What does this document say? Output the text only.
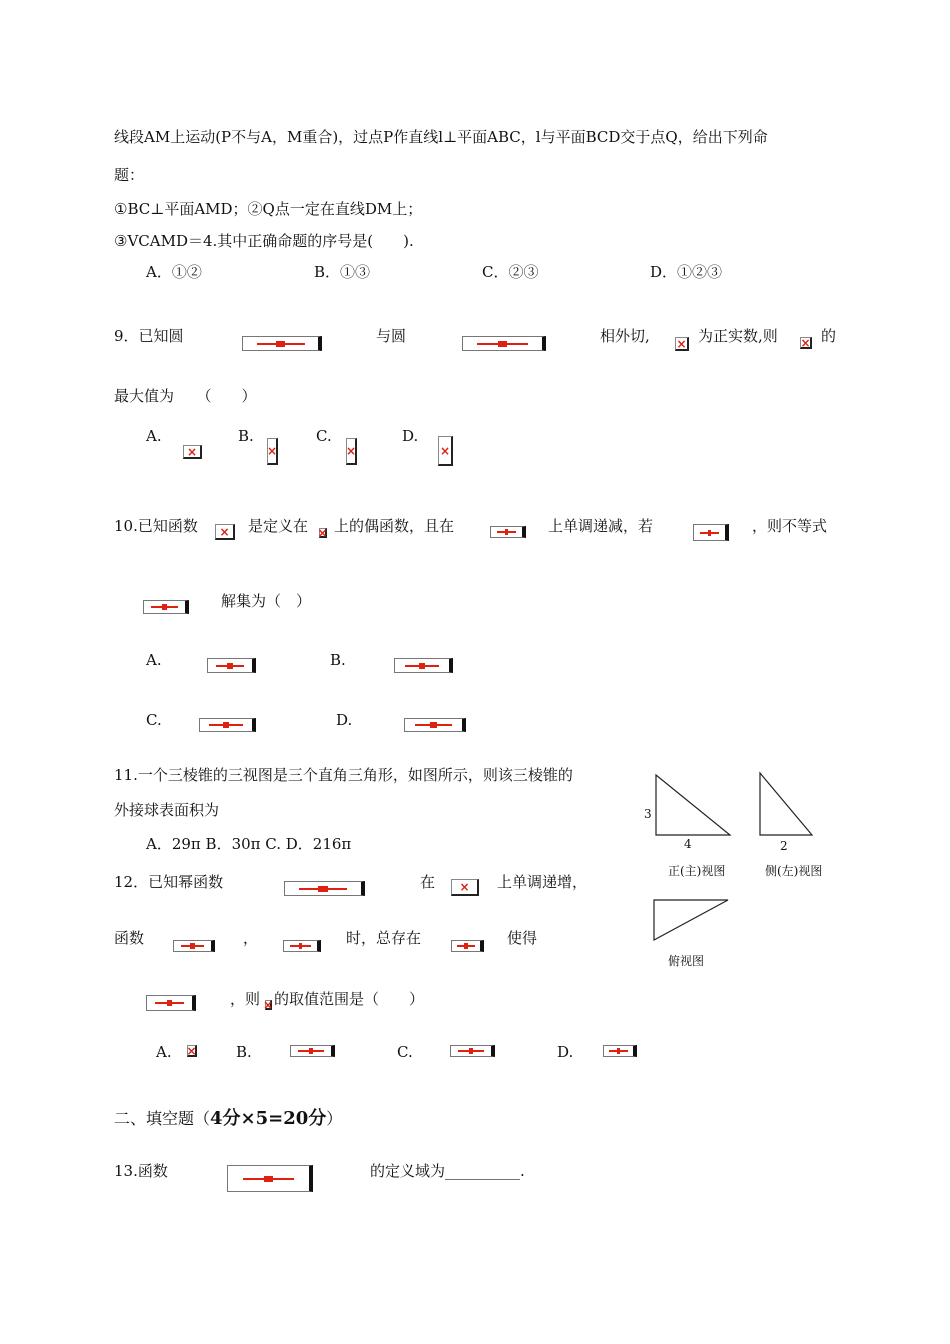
线段AM上运动(P不与A，M重合)，过点P作直线l⊥平面ABC，l与平面BCD交于点Q，给出下列命
题：
①BC⊥平面AMD；②Q点一定在直线DM上；
③VCAMD＝4.其中正确命题的序号是(　　).
A．①②	B．①③	C．②③	D．①②③
9．已知圆	与圆	相外切, ×	为正实数,则 ×	的
最大值为　　（　　）
A.
×	B.
×	C.
×	D.
×
10.已知函数 ×	是定义在 × 上的偶函数，且在	上单调递减，若	，则不等式
解集为（　）
A.	B.
C.	D.
11.一个三棱锥的三视图是三个直角三角形，如图所示，则该三棱锥的
外接球表面积为
A．29π B．30π C. D．216π
3
4	2
正(主)视图	侧(左)视图
俯视图
12．已知幂函数	在 ×	上单调递增，
函数	，	时，总存在	使得
，则 × 的取值范围是（　　）
A. ×	B.	C.	D.
二、填空题（4分×5=20分）
13.函数	的定义域为__________.
